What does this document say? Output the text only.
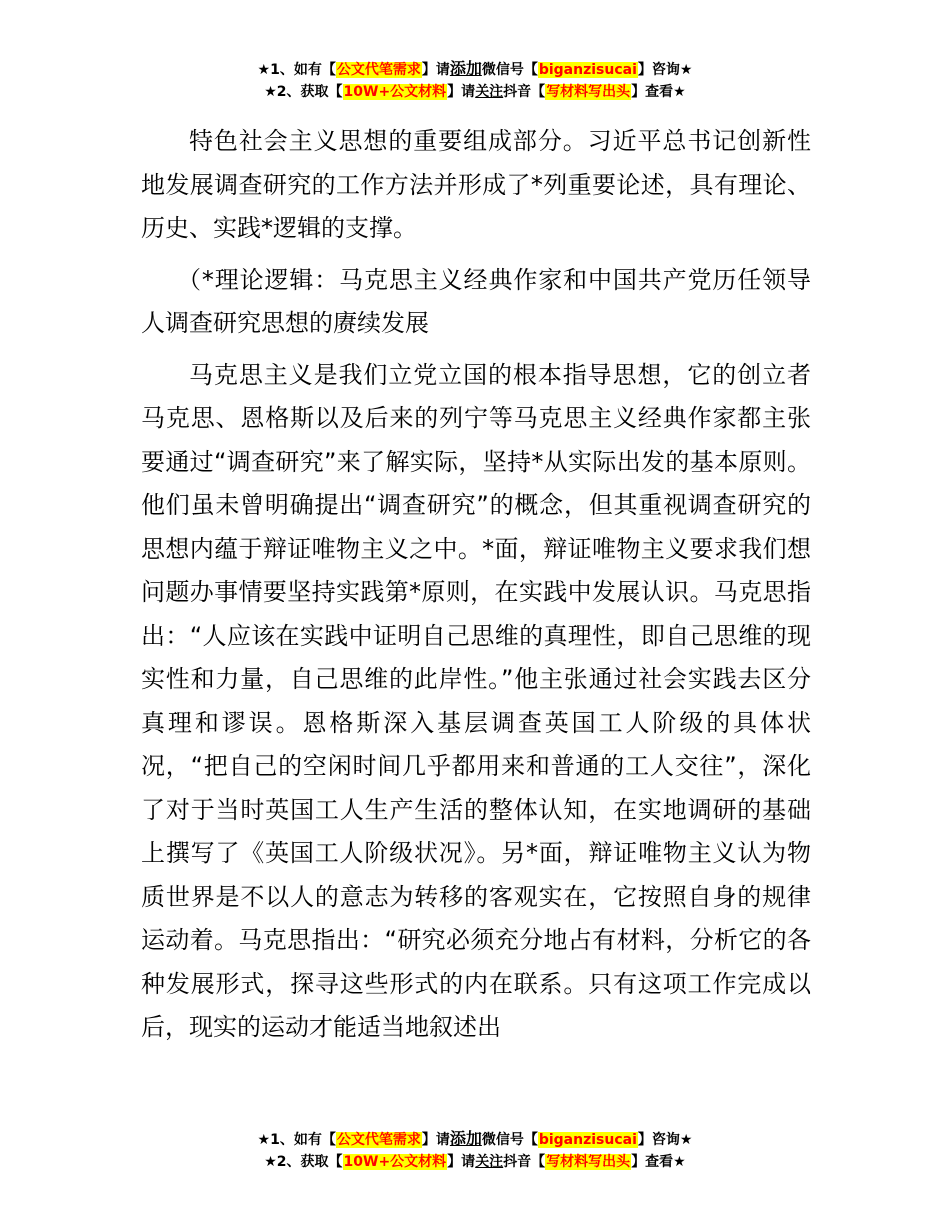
★1、如有【公文代笔需求】请添加微信号【biganzisucai】咨询★
★2、获取【10W+公文材料】请关注抖音【写材料写出头】查看★

特色社会主义思想的重要组成部分。习近平总书记创新性地发展调查研究的工作方法并形成了*列重要论述，具有理论、历史、实践*逻辑的支撑。

（*理论逻辑：马克思主义经典作家和中国共产党历任领导人调查研究思想的赓续发展

马克思主义是我们立党立国的根本指导思想，它的创立者马克思、恩格斯以及后来的列宁等马克思主义经典作家都主张要通过“调查研究”来了解实际，坚持*从实际出发的基本原则。他们虽未曾明确提出“调查研究”的概念，但其重视调查研究的思想内蕴于辩证唯物主义之中。*面，辩证唯物主义要求我们想问题办事情要坚持实践第*原则，在实践中发展认识。马克思指出：“人应该在实践中证明自己思维的真理性，即自己思维的现实性和力量，自己思维的此岸性。”他主张通过社会实践去区分真理和谬误。恩格斯深入基层调查英国工人阶级的具体状况，“把自己的空闲时间几乎都用来和普通的工人交往”，深化了对于当时英国工人生产生活的整体认知，在实地调研的基础上撰写了《英国工人阶级状况》。另*面，辩证唯物主义认为物质世界是不以人的意志为转移的客观实在，它按照自身的规律运动着。马克思指出：“研究必须充分地占有材料，分析它的各种发展形式，探寻这些形式的内在联系。只有这项工作完成以后，现实的运动才能适当地叙述出

★1、如有【公文代笔需求】请添加微信号【biganzisucai】咨询★
★2、获取【10W+公文材料】请关注抖音【写材料写出头】查看★
